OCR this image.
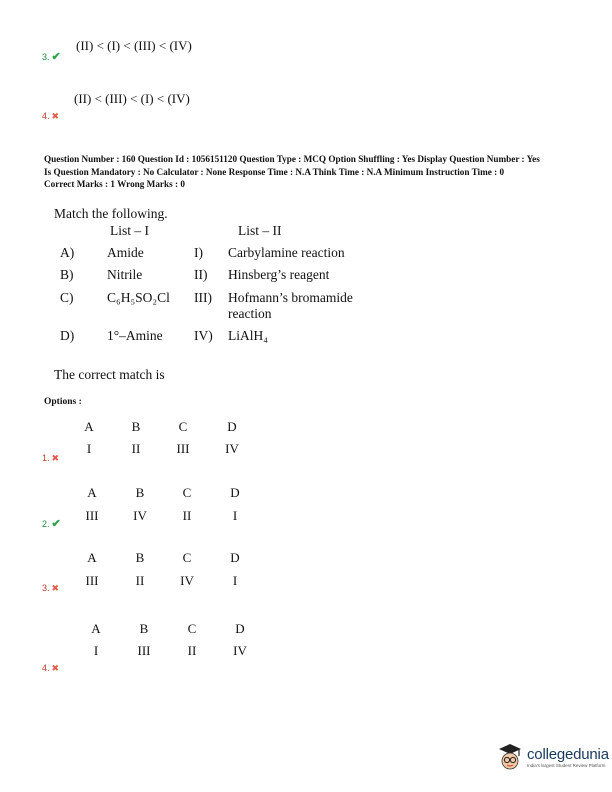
(II) < (I) < (III) < (IV)
3. ✔
(II) < (III) < (I) < (IV)
4. ✖
Question Number : 160 Question Id : 1056151120 Question Type : MCQ Option Shuffling : Yes Display Question Number : Yes
Is Question Mandatory : No Calculator : None Response Time : N.A Think Time : N.A Minimum Instruction Time : 0
Correct Marks : 1 Wrong Marks : 0
Match the following.
List – I	List – II
A) Amide	I) Carbylamine reaction
B) Nitrile	II) Hinsberg’s reagent
C) C₆H₅SO₂Cl III) Hofmann’s bromamide
reaction
D) 1°–Amine IV) LiAlH₄
The correct match is
Options :
A	B	C	D
I	II	III	IV
1. ✖
A	B	C	D
III	IV	II	I
2. ✔
A	B	C	D
III	II	IV	I
3. ✖
A	B	C	D
I	III	II	IV
4. ✖
collegedunia
India's largest Student Review Platform
